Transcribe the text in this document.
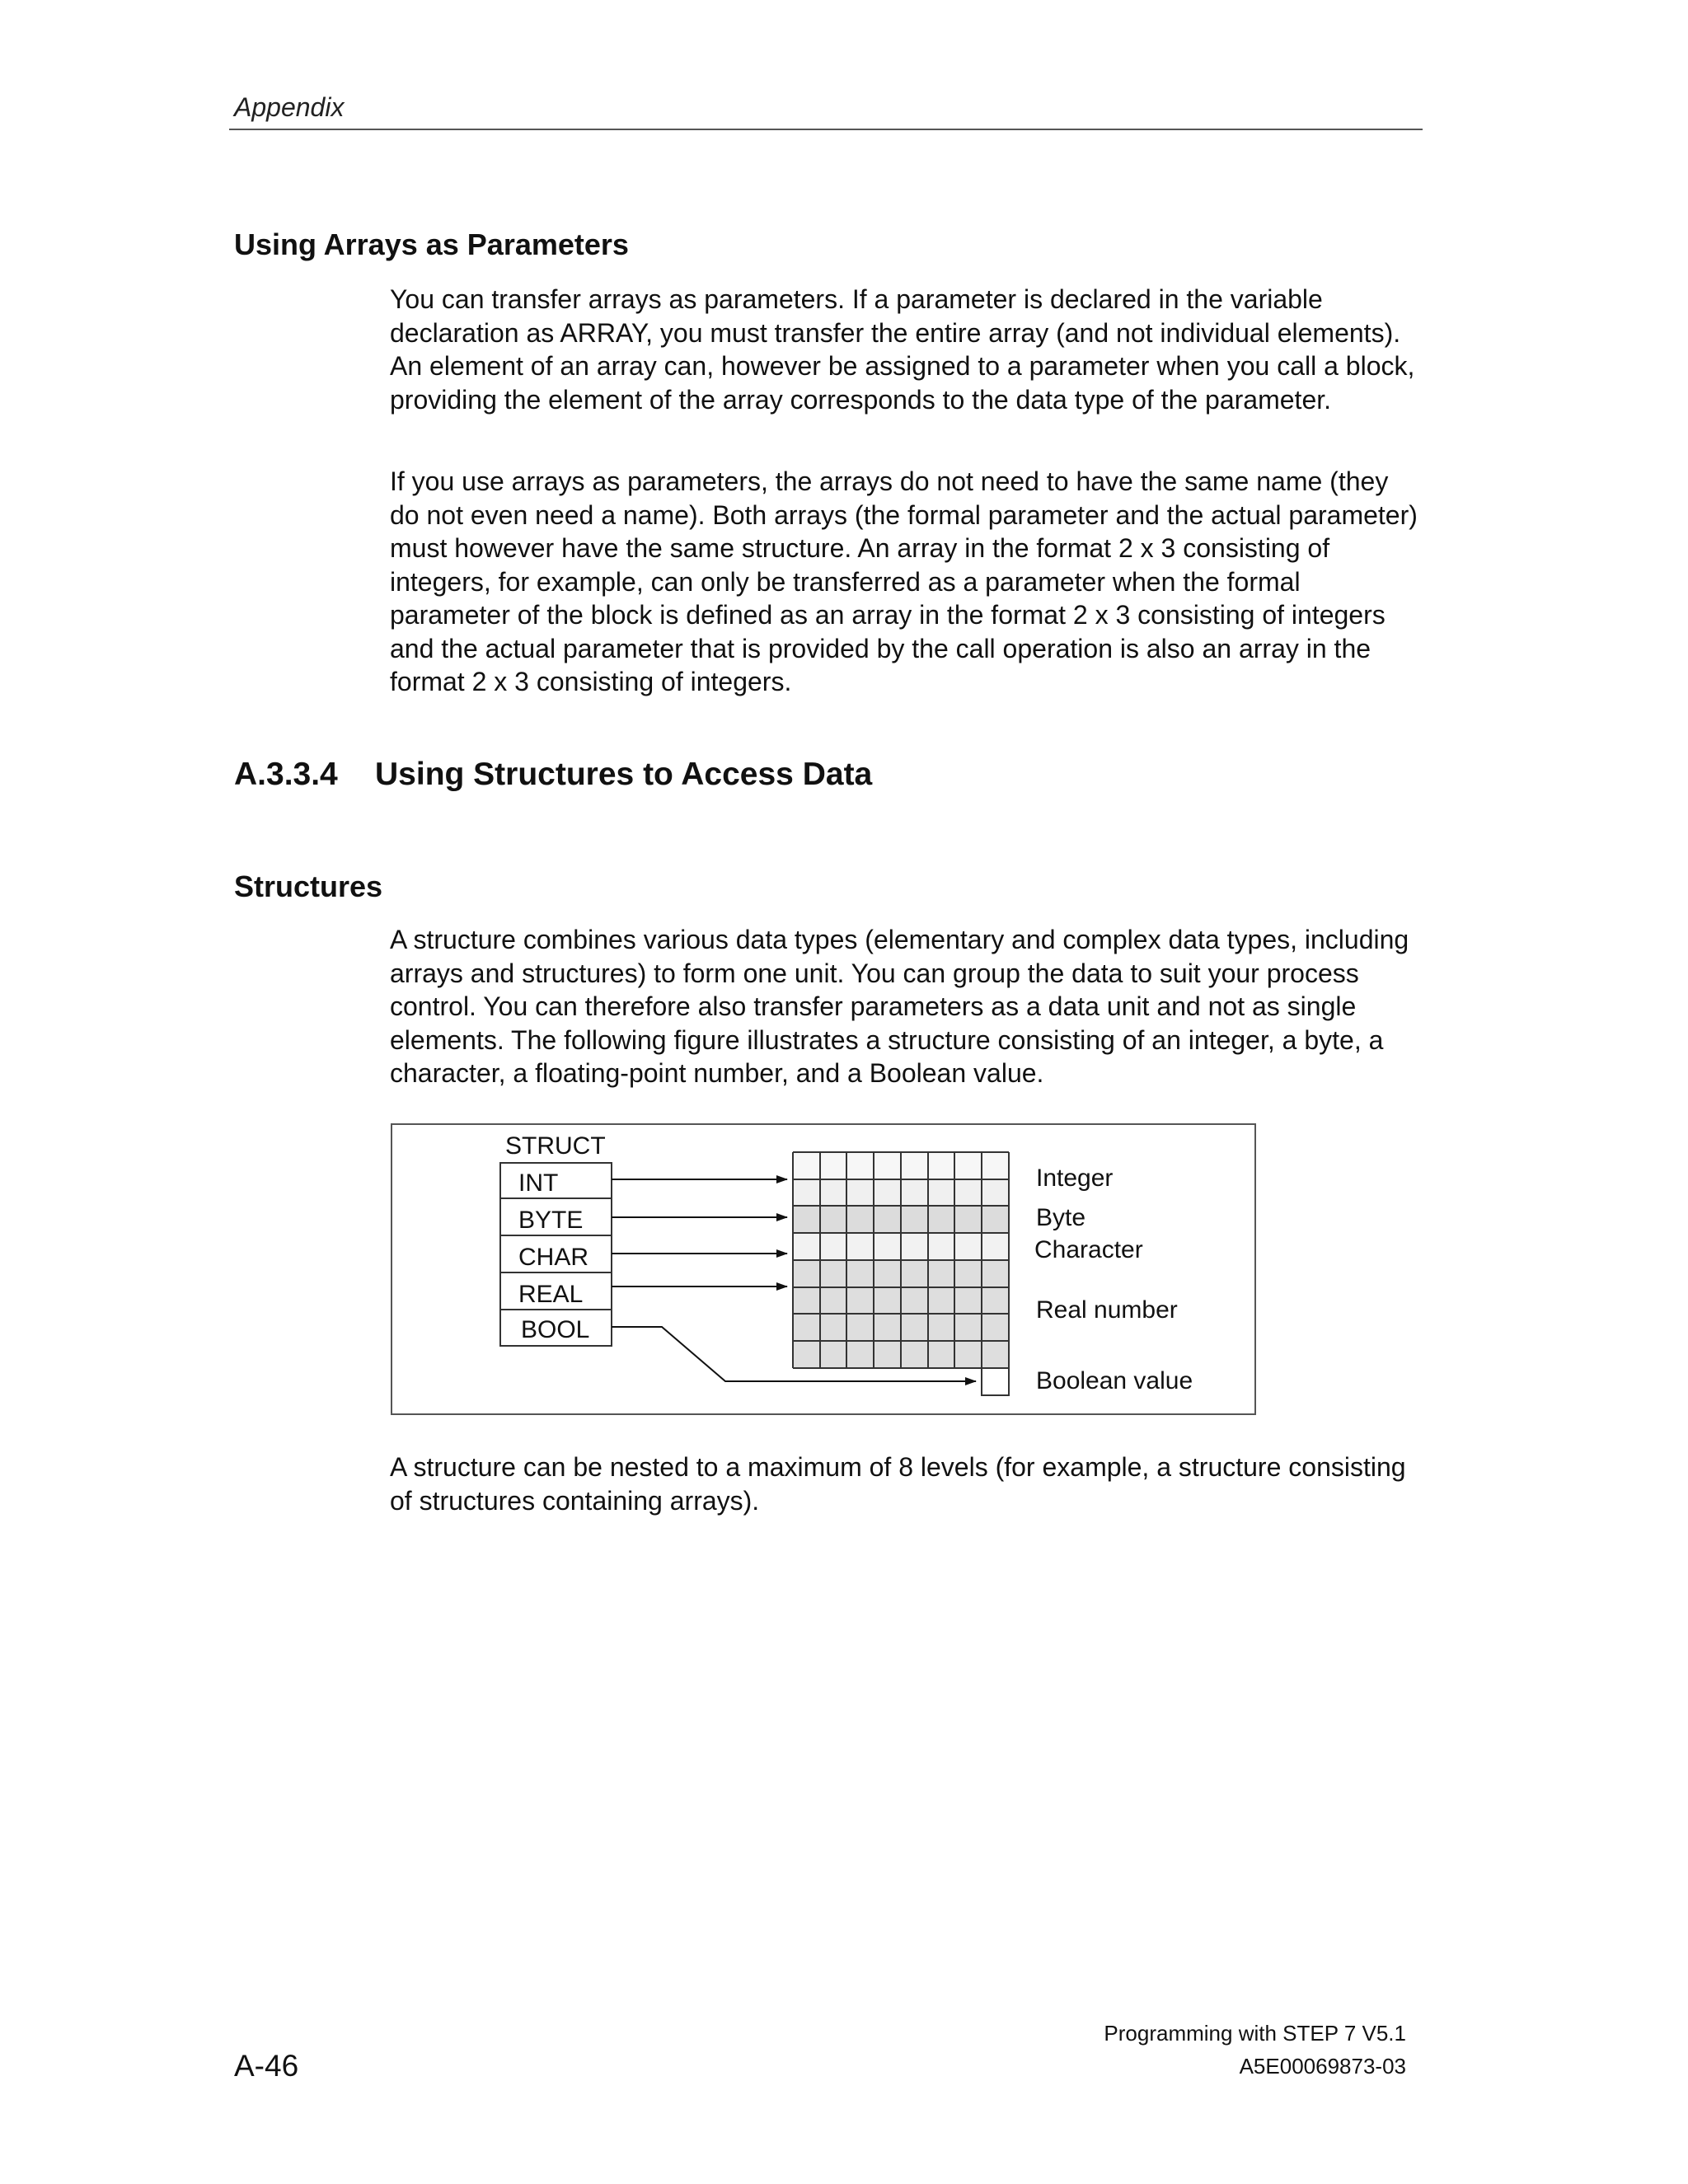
Appendix
Using Arrays as Parameters

You can transfer arrays as parameters. If a parameter is declared in the variable declaration as ARRAY, you must transfer the entire array (and not individual elements). An element of an array can, however be assigned to a parameter when you call a block, providing the element of the array corresponds to the data type of the parameter.

If you use arrays as parameters, the arrays do not need to have the same name (they do not even need a name). Both arrays (the formal parameter and the actual parameter) must however have the same structure. An array in the format 2 x 3 consisting of integers, for example, can only be transferred as a parameter when the formal parameter of the block is defined as an array in the format 2 x 3 consisting of integers and the actual parameter that is provided by the call operation is also an array in the format 2 x 3 consisting of integers.

A.3.3.4 Using Structures to Access Data
Structures

A structure combines various data types (elementary and complex data types, including arrays and structures) to form one unit. You can group the data to suit your process control. You can therefore also transfer parameters as a data unit and not as single elements. The following figure illustrates a structure consisting of an integer, a byte, a character, a floating-point number, and a Boolean value.

STRUCT
INT
BYTE
CHAR
REAL
BOOL
Integer
Byte
Character
Real number
Boolean value

A structure can be nested to a maximum of 8 levels (for example, a structure consisting of structures containing arrays).

Programming with STEP 7 V5.1
A5E00069873-03
A-46
